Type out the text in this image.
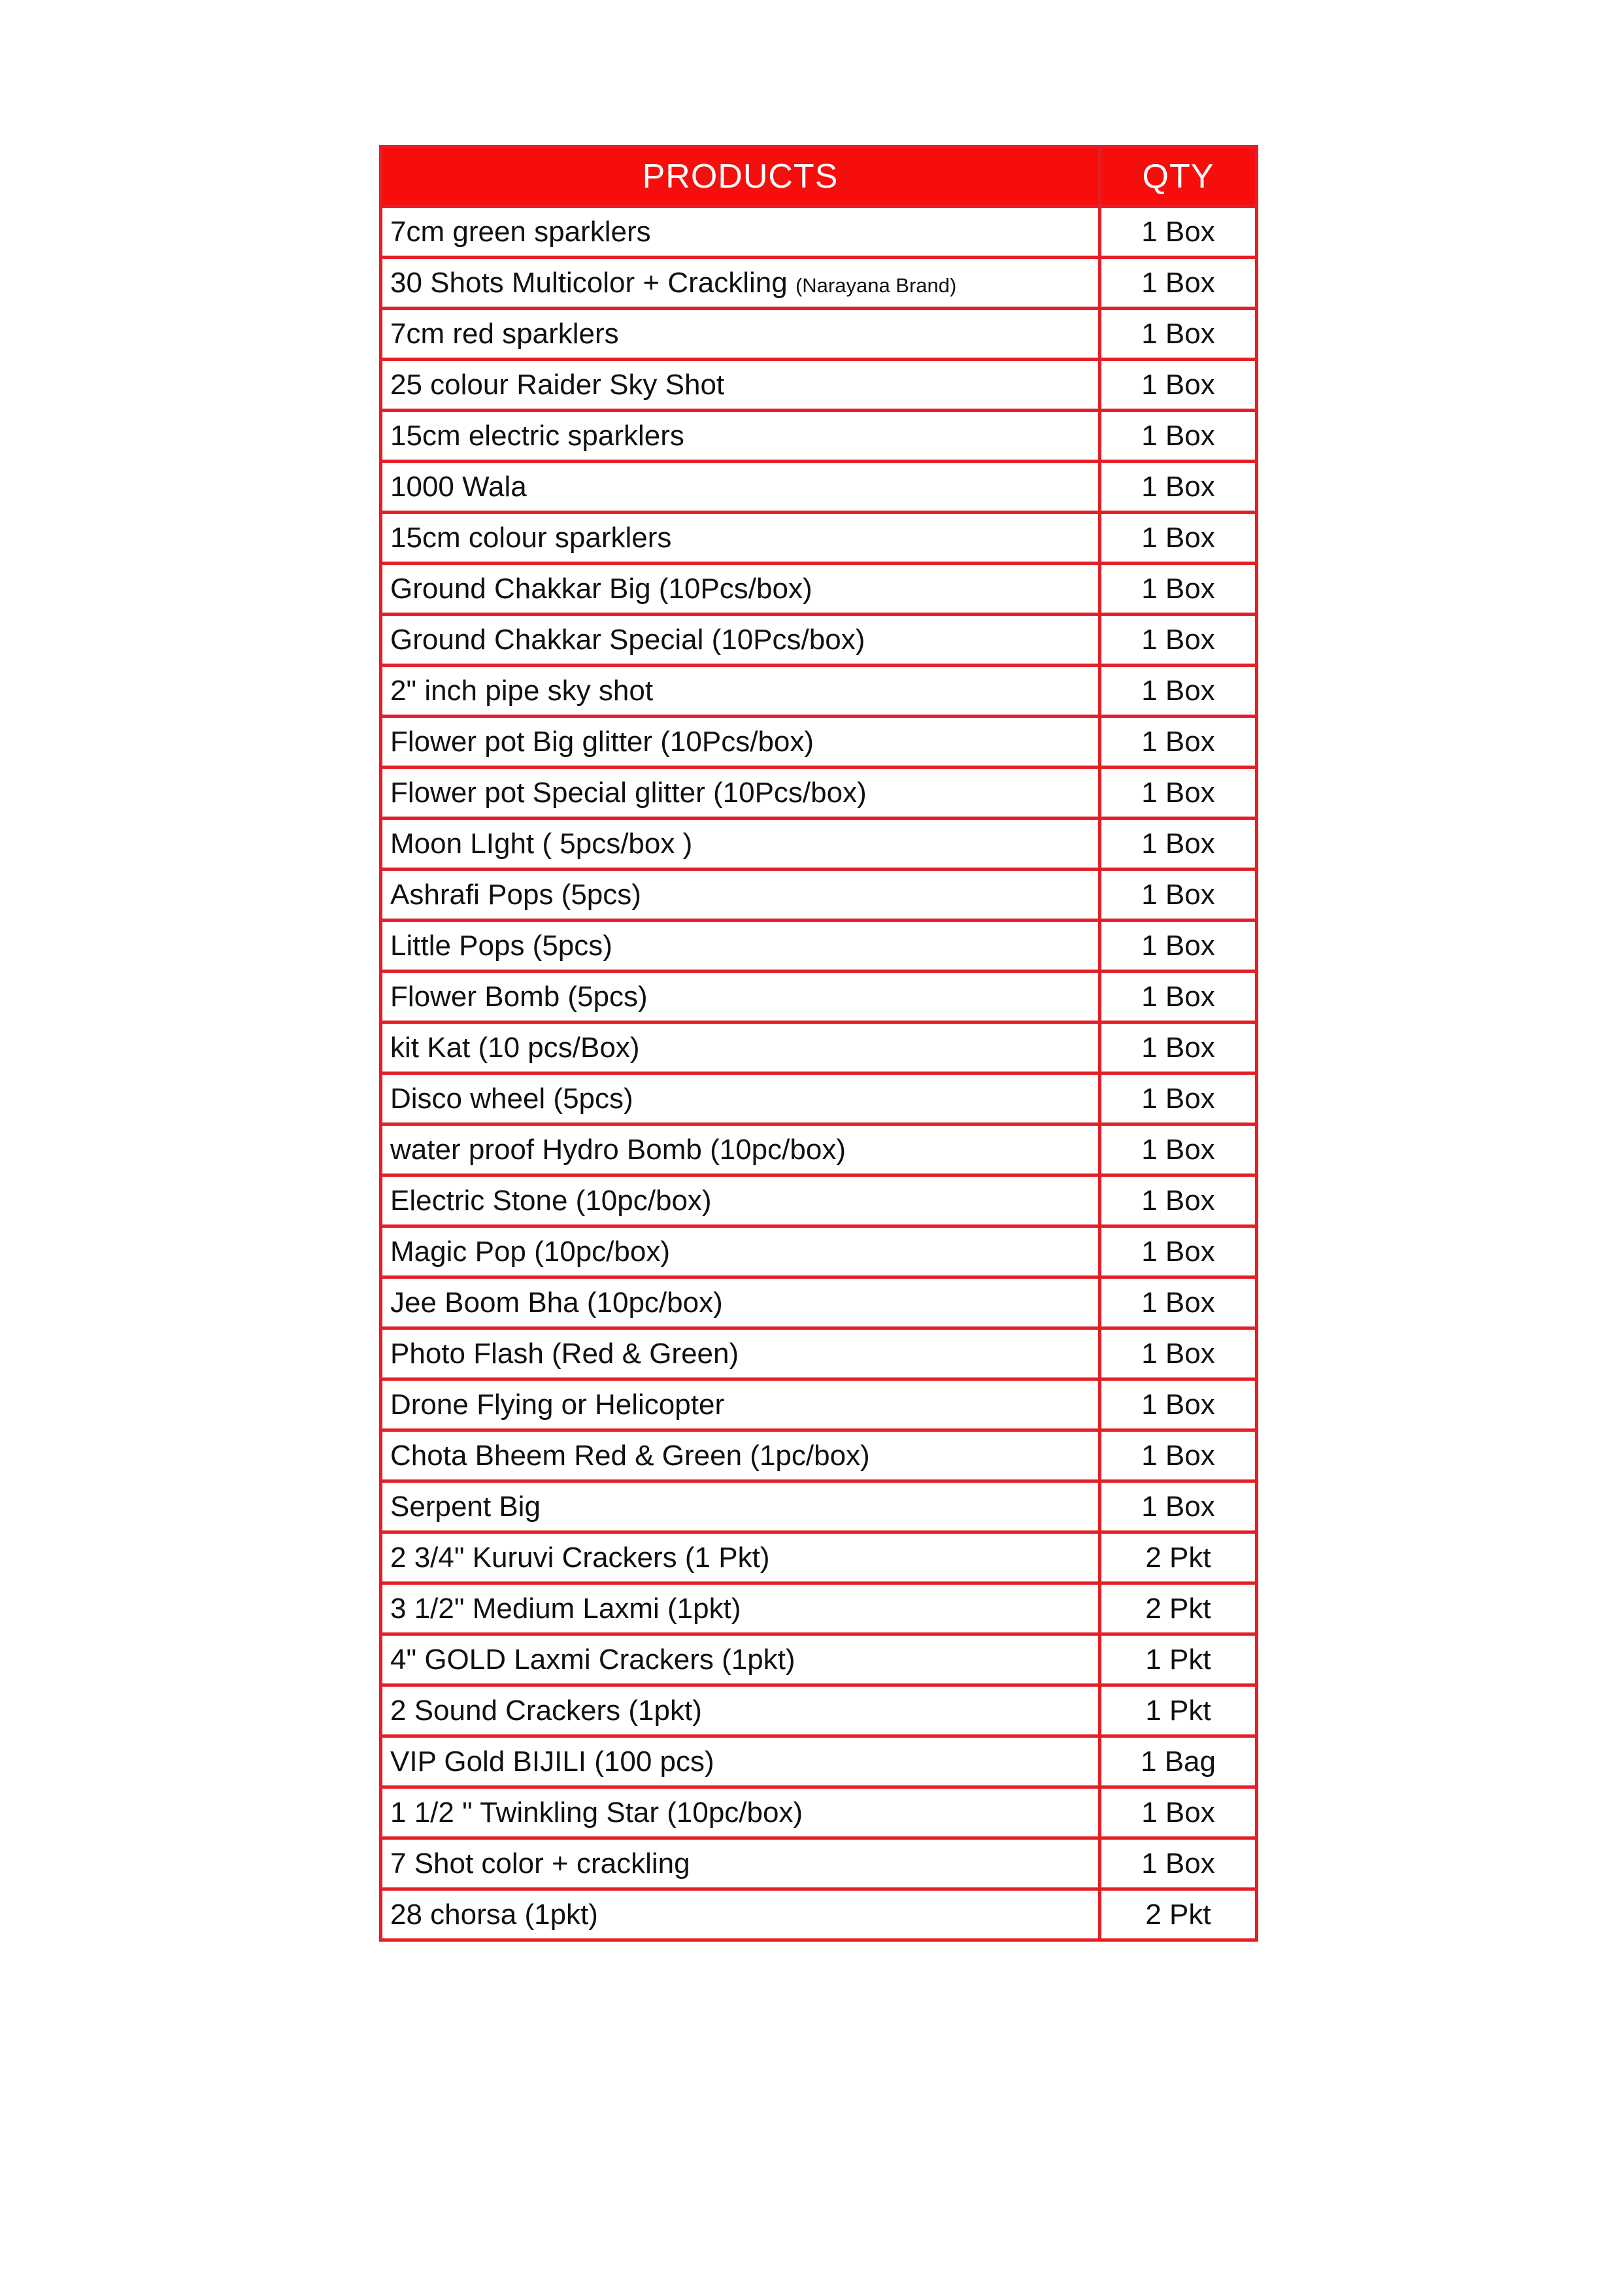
PRODUCTS	QTY
7cm green sparklers	1 Box
30 Shots Multicolor + Crackling (Narayana Brand)	1 Box
7cm red sparklers	1 Box
25 colour Raider Sky Shot	1 Box
15cm electric sparklers	1 Box
1000 Wala	1 Box
15cm colour sparklers	1 Box
Ground Chakkar Big (10Pcs/box)	1 Box
Ground Chakkar Special (10Pcs/box)	1 Box
2" inch pipe sky shot	1 Box
Flower pot Big glitter (10Pcs/box)	1 Box
Flower pot Special glitter (10Pcs/box)	1 Box
Moon LIght ( 5pcs/box )	1 Box
Ashrafi Pops (5pcs)	1 Box
Little Pops (5pcs)	1 Box
Flower Bomb (5pcs)	1 Box
kit Kat (10 pcs/Box)	1 Box
Disco wheel (5pcs)	1 Box
water proof Hydro Bomb (10pc/box)	1 Box
Electric Stone (10pc/box)	1 Box
Magic Pop (10pc/box)	1 Box
Jee Boom Bha (10pc/box)	1 Box
Photo Flash (Red & Green)	1 Box
Drone Flying or Helicopter	1 Box
Chota Bheem Red & Green (1pc/box)	1 Box
Serpent Big	1 Box
2 3/4" Kuruvi Crackers (1 Pkt)	2 Pkt
3 1/2" Medium Laxmi (1pkt)	2 Pkt
4" GOLD Laxmi Crackers (1pkt)	1 Pkt
2 Sound Crackers (1pkt)	1 Pkt
VIP Gold BIJILI (100 pcs)	1 Bag
1 1/2 " Twinkling Star (10pc/box)	1 Box
7 Shot color + crackling	1 Box
28 chorsa (1pkt)	2 Pkt
